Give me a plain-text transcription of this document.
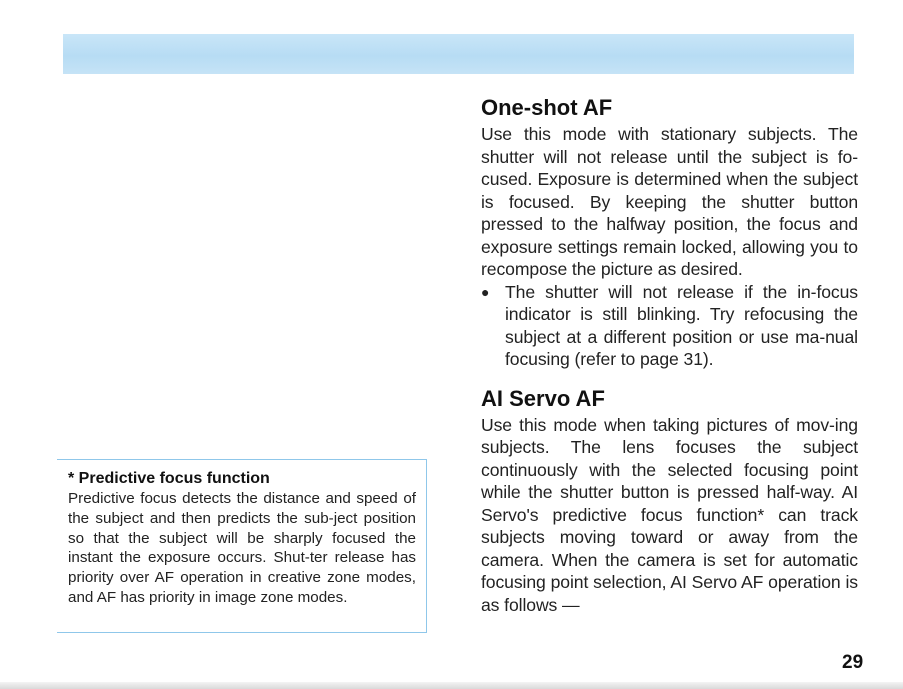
One-shot AF

Use this mode with stationary subjects. The shutter will not release until the subject is fo-cused. Exposure is determined when the subject is focused. By keeping the shutter button pressed to the halfway position, the focus and exposure settings remain locked, allowing you to recompose the picture as desired.

● The shutter will not release if the in-focus indicator is still blinking. Try refocusing the subject at a different position or use ma-nual focusing (refer to page 31).
AI Servo AF

Use this mode when taking pictures of mov-ing subjects. The lens focuses the subject continuously with the selected focusing point while the shutter button is pressed half-way. AI Servo's predictive focus function* can track subjects moving toward or away from the camera. When the camera is set for automatic focusing point selection, AI Servo AF operation is as follows —

* Predictive focus function

Predictive focus detects the distance and speed of the subject and then predicts the sub-ject position so that the subject will be sharply focused the instant the exposure occurs. Shut-ter release has priority over AF operation in creative zone modes, and AF has priority in image zone modes.

29
